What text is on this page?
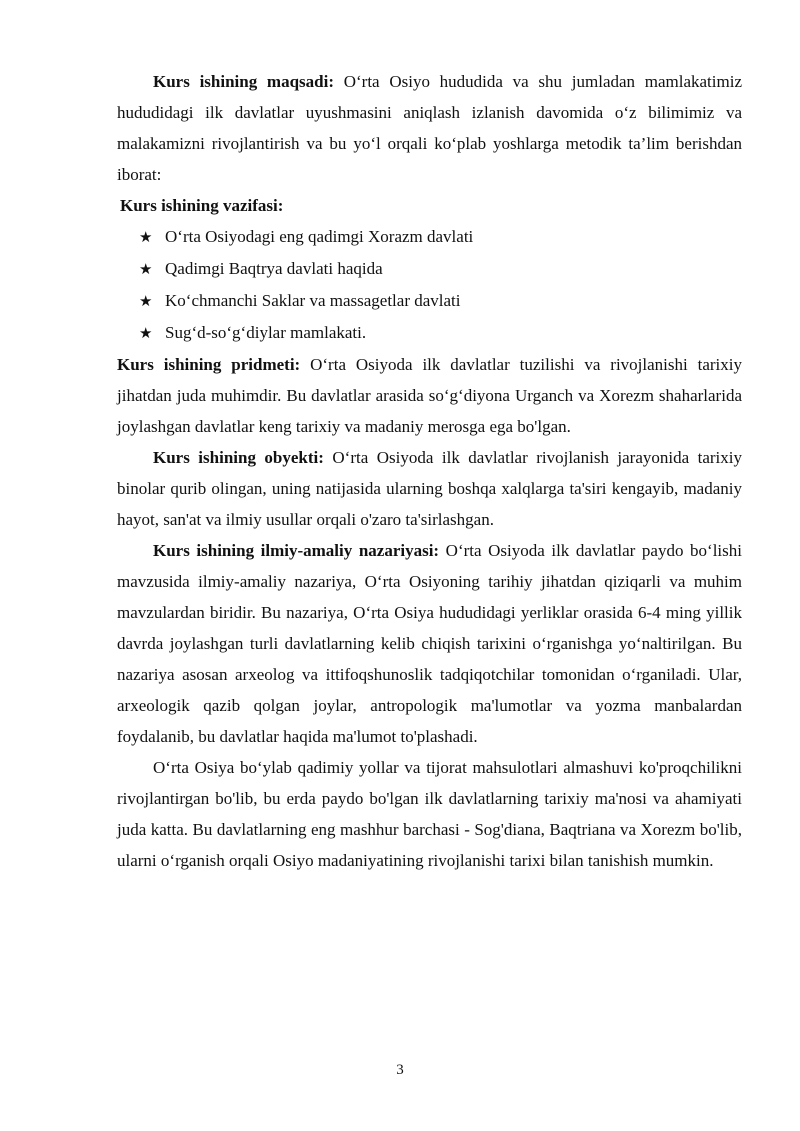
Kurs ishining maqsadi: O‘rta Osiyo hududida va shu jumladan mamlakatimiz hududidagi ilk davlatlar uyushmasini aniqlash izlanish davomida o‘z bilimimiz va malakamizni rivojlantirish va bu yo‘l orqali ko‘plab yoshlarga metodik ta’lim berishdan iborat:

Kurs ishining vazifasi:

★ O‘rta Osiyodagi eng qadimgi Xorazm davlati
★ Qadimgi Baqtrya davlati haqida
★ Ko‘chmanchi Saklar va massagetlar davlati
★ Sug‘d-so‘g‘diylar mamlakati.

Kurs ishining pridmeti: O‘rta Osiyoda ilk davlatlar tuzilishi va rivojlanishi tarixiy jihatdan juda muhimdir. Bu davlatlar arasida so‘g‘diyona Urganch va Xorezm shaharlarida joylashgan davlatlar keng tarixiy va madaniy merosga ega bo'lgan.

Kurs ishining obyekti: O‘rta Osiyoda ilk davlatlar rivojlanish jarayonida tarixiy binolar qurib olingan, uning natijasida ularning boshqa xalqlarga ta'siri kengayib, madaniy hayot, san'at va ilmiy usullar orqali o'zaro ta'sirlashgan.

Kurs ishining ilmiy-amaliy nazariyasi: O‘rta Osiyoda ilk davlatlar paydo bo‘lishi mavzusida ilmiy-amaliy nazariya, O‘rta Osiyoning tarihiy jihatdan qiziqarli va muhim mavzulardan biridir. Bu nazariya, O‘rta Osiya hududidagi yerliklar orasida 6-4 ming yillik davrda joylashgan turli davlatlarning kelib chiqish tarixini o‘rganishga yo‘naltirilgan. Bu nazariya asosan arxeolog va ittifoqshunoslik tadqiqotchilar tomonidan o‘rganiladi. Ular, arxeologik qazib qolgan joylar, antropologik ma'lumotlar va yozma manbalardan foydalanib, bu davlatlar haqida ma'lumot to'plashadi.

O‘rta Osiya bo‘ylab qadimiy yollar va tijorat mahsulotlari almashuvi ko'proqchilikni rivojlantirgan bo'lib, bu erda paydo bo'lgan ilk davlatlarning tarixiy ma'nosi va ahamiyati juda katta. Bu davlatlarning eng mashhur barchasi - Sog'diana, Baqtriana va Xorezm bo'lib, ularni o‘rganish orqali Osiyo madaniyatining rivojlanishi tarixi bilan tanishish mumkin.

3
